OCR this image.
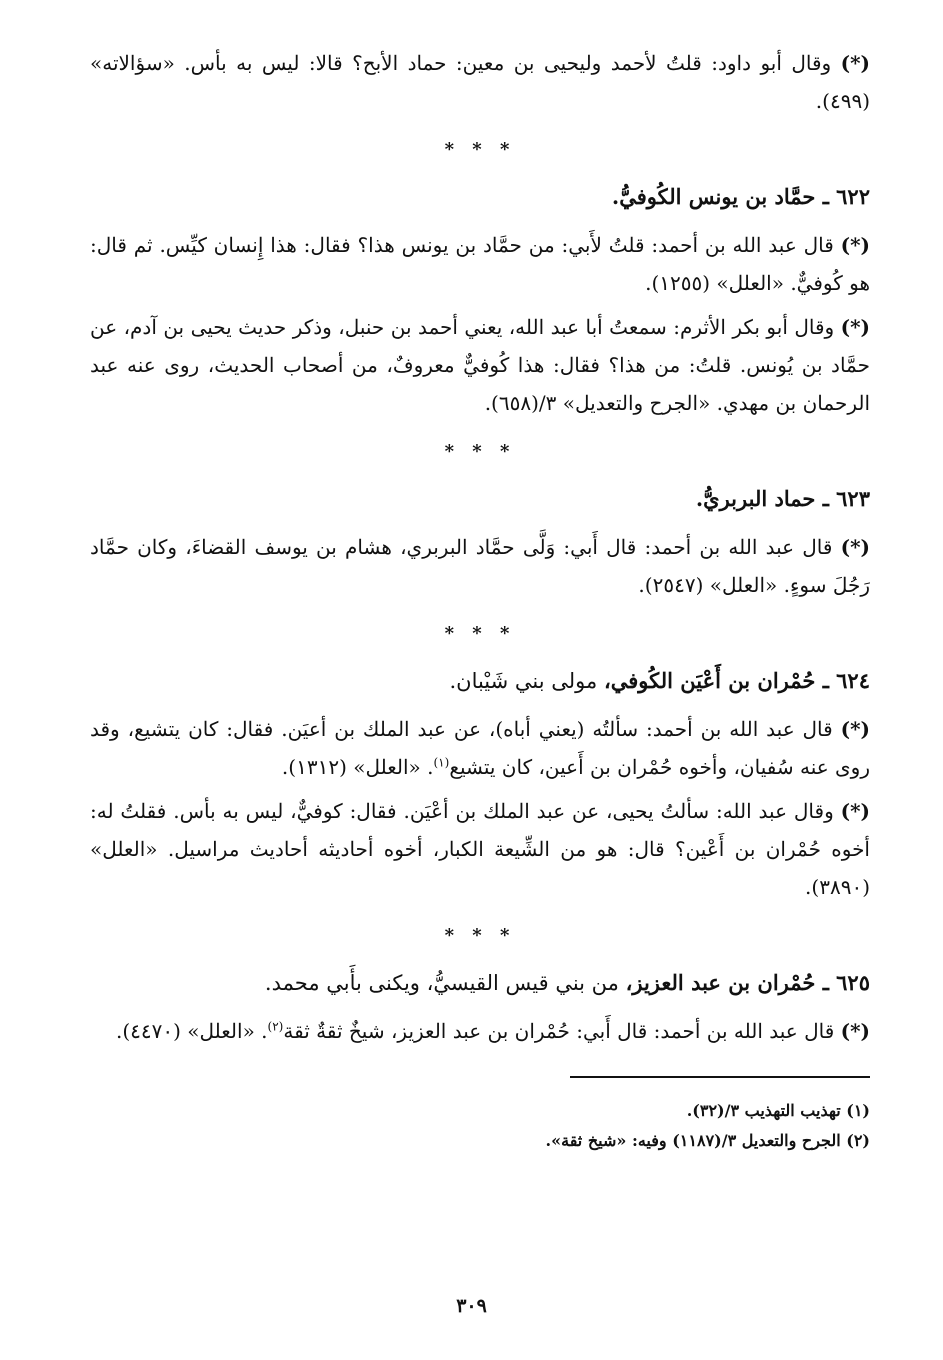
(*) وقال أبو داود: قلتُ لأحمد وليحيى بن معين: حماد الأبح؟ قالا: ليس به بأس. «سؤالاته» (٤٩٩).

* * *
٦٢٢ ـ حمَّاد بن يونس الكُوفيُّ.

(*) قال عبد الله بن أحمد: قلتُ لأَبي: من حمَّاد بن يونس هذا؟ فقال: هذا إِنسان كيِّس. ثم قال: هو كُوفيٌّ. «العلل» (١٢٥٥).

(*) وقال أبو بكر الأثرم: سمعتُ أبا عبد الله، يعني أحمد بن حنبل، وذكر حديث يحيى بن آدم، عن حمَّاد بن يُونس. قلتُ: من هذا؟ فقال: هذا كُوفيٌّ معروفٌ، من أصحاب الحديث، روى عنه عبد الرحمان بن مهدي. «الجرح والتعديل» ٣/(٦٥٨).

* * *
٦٢٣ ـ حماد البربريُّ.

(*) قال عبد الله بن أحمد: قال أَبي: وَلَّى حمَّاد البربري، هشام بن يوسف القضاءَ، وكان حمَّاد رَجُلَ سوءٍ. «العلل» (٢٥٤٧).

* * *
٦٢٤ ـ حُمْران بن أَعْيَن الكُوفي، مولى بني شَيْبان.

(*) قال عبد الله بن أحمد: سألتُه (يعني أباه)، عن عبد الملك بن أعيَن. فقال: كان يتشيع، وقد روى عنه سُفيان، وأخوه حُمْران بن أَعين، كان يتشيع$^{(١)}$. «العلل» (١٣١٢).

(*) وقال عبد الله: سألتُ يحيى، عن عبد الملك بن أعْيَن. فقال: كوفيٌّ، ليس به بأس. فقلتُ له: أخوه حُمْران بن أَعْين؟ قال: هو من الشِّيعة الكبار، أخوه أحاديثه أحاديث مراسيل. «العلل» (٣٨٩٠).

* * *
٦٢٥ ـ حُمْران بن عبد العزيز، من بني قيس القيسيُّ، ويكنى بأَبي محمد.

(*) قال عبد الله بن أحمد: قال أَبي: حُمْران بن عبد العزيز، شيخٌ ثقةٌ ثقة$^{(٢)}$. «العلل» (٤٤٧٠).

(١) تهذيب التهذيب ٣/(٣٢).
(٢) الجرح والتعديل ٣/(١١٨٧) وفيه: «شيخ ثقة».
٣٠٩
